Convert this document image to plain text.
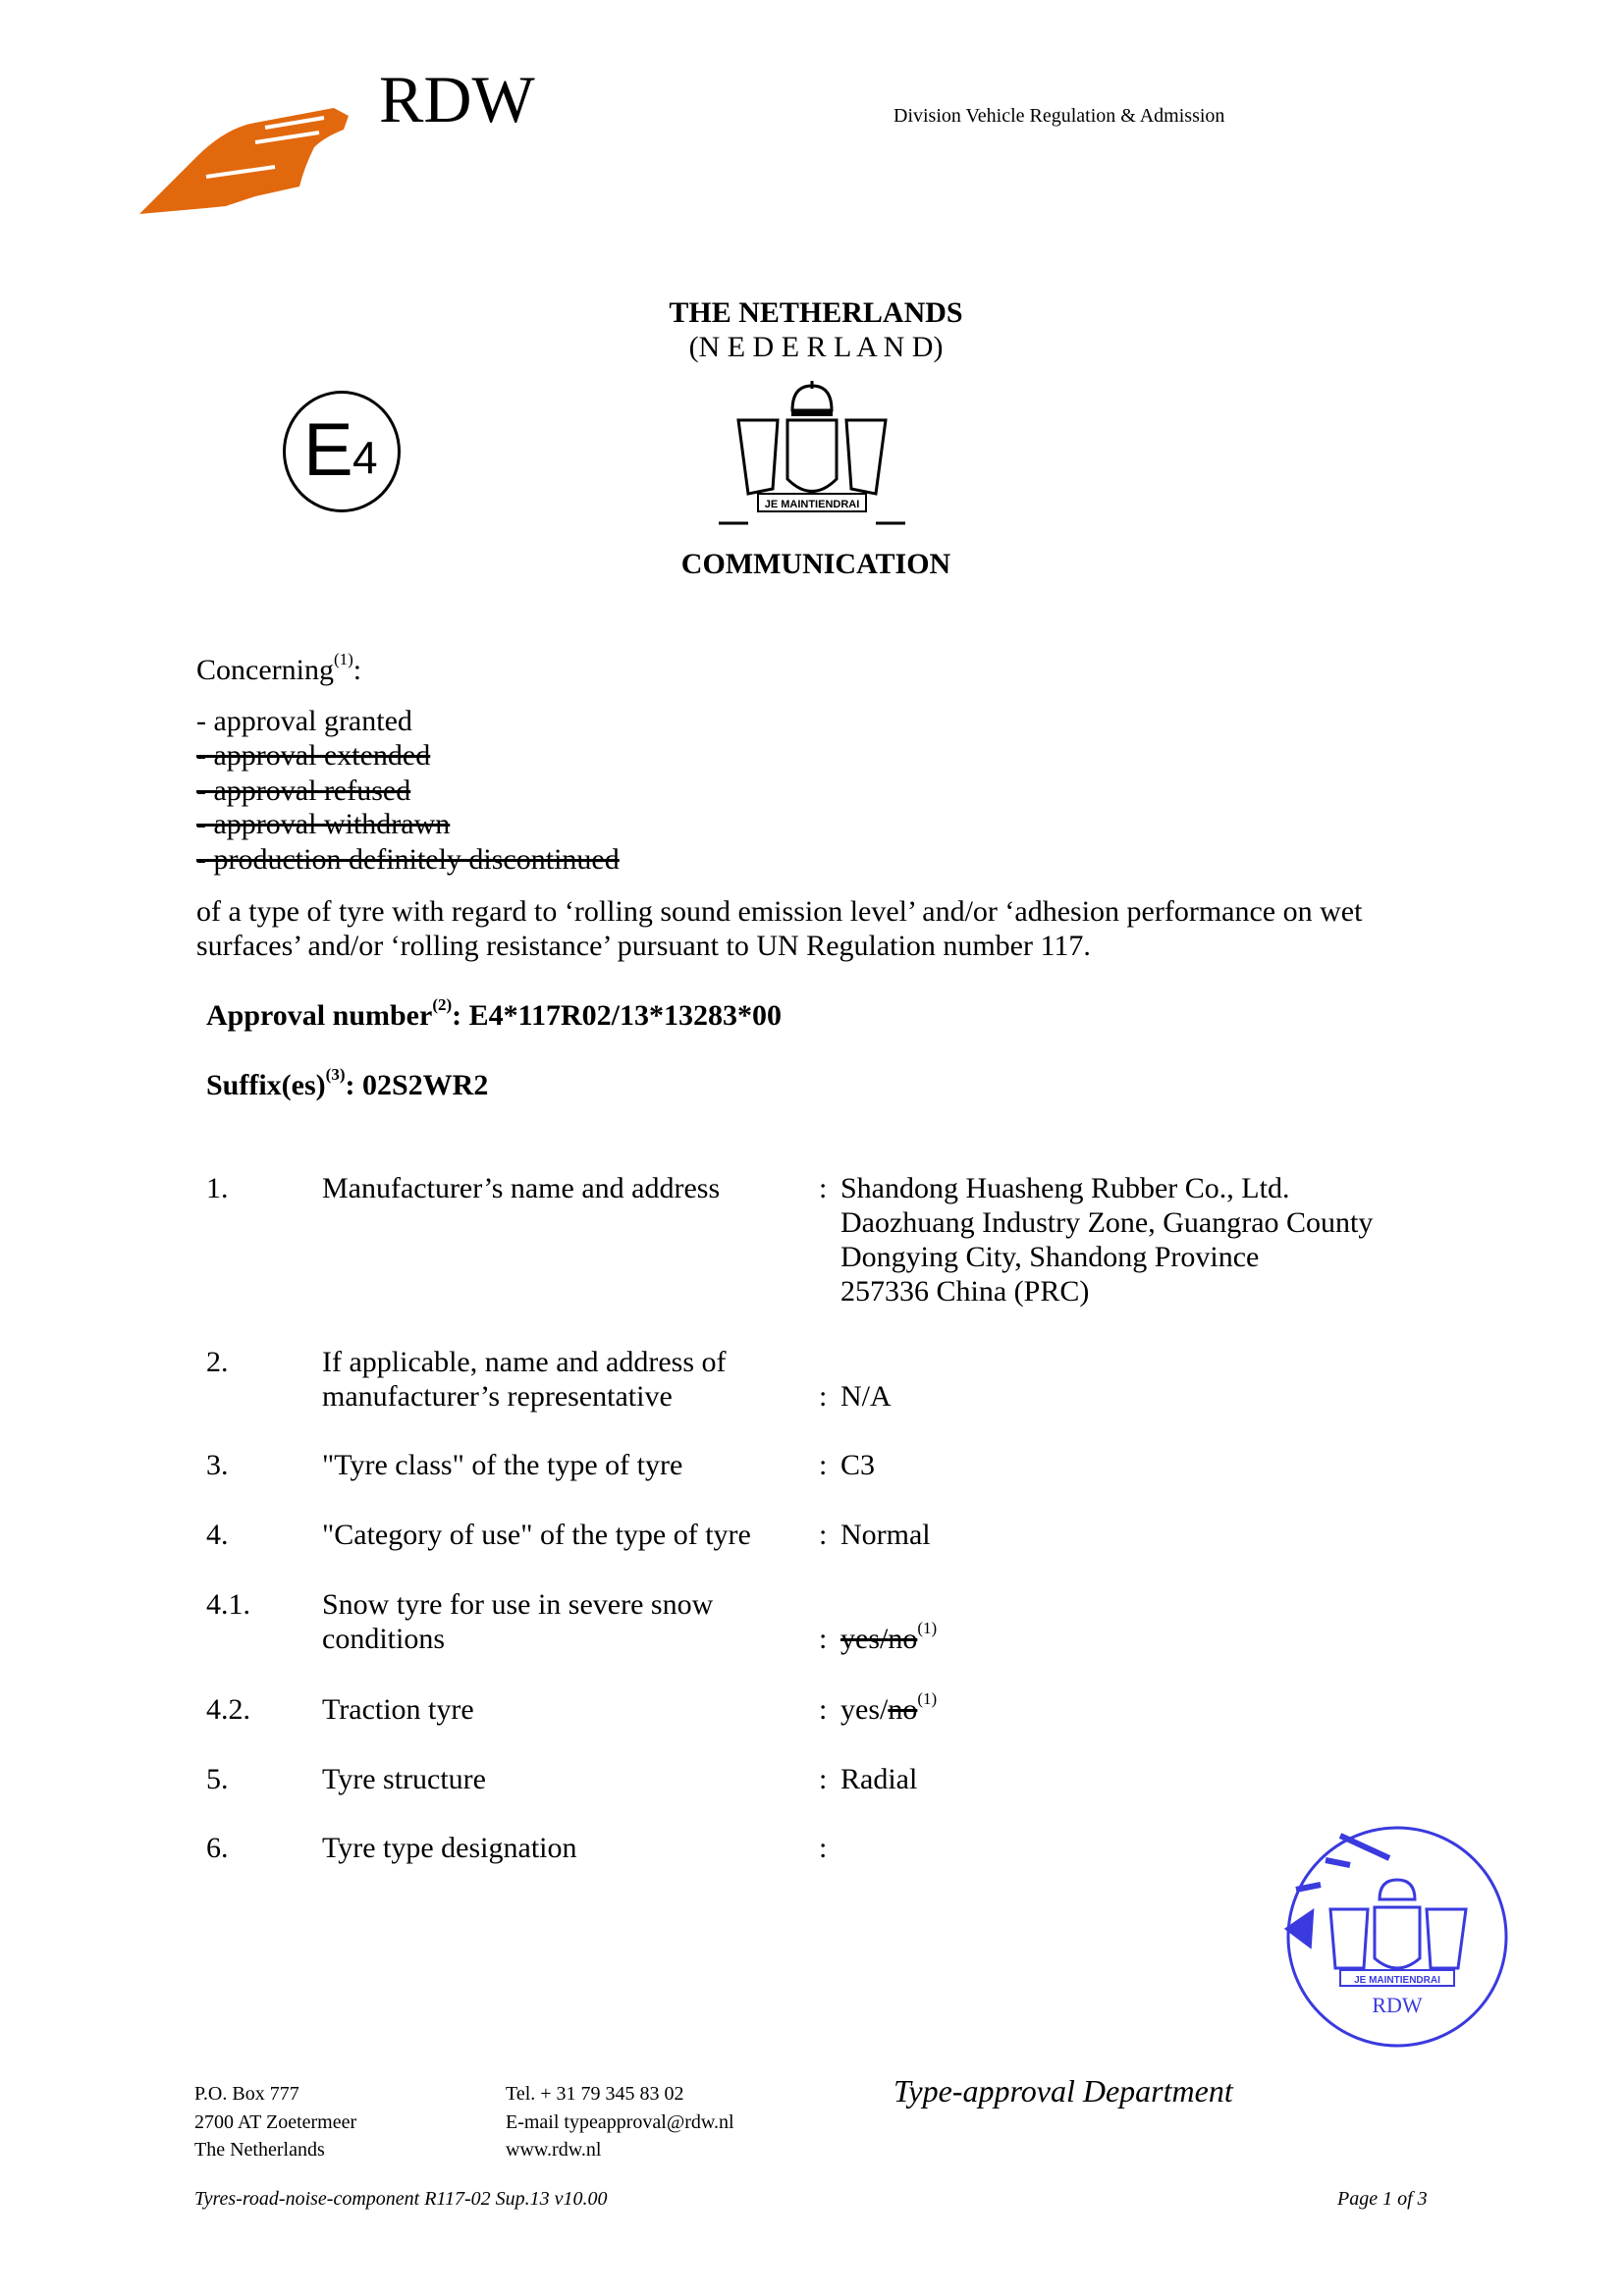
RDW	Division Vehicle Regulation & Admission
THE NETHERLANDS
(N E D E R L A N D)
E 4
JE MAINTIENDRAI
COMMUNICATION
Concerning$^{(1)}$:
- approval granted
- approval extended
- approval refused
- approval withdrawn
- production definitely discontinued
of a type of tyre with regard to ‘rolling sound emission level’ and/or ‘adhesion performance on wet
surfaces’ and/or ‘rolling resistance’ pursuant to UN Regulation number 117.
Approval number$^{(2)}$: E4*117R02/13*13283*00
Suffix(es)$^{(3)}$: 02S2WR2
1.	Manufacturer’s name and address	: Shandong Huasheng Rubber Co., Ltd.
Daozhuang Industry Zone, Guangrao County
Dongying City, Shandong Province
257336 China (PRC)
2.	If applicable, name and address of
manufacturer’s representative	: N/A
3.	"Tyre class" of the type of tyre	: C3
4.	"Category of use" of the type of tyre : Normal
4.1. Snow tyre for use in severe snow
conditions	: yes/$no^{(1)}$
4.2. Traction tyre	: yes/$no^{(1)}$
5.	Tyre structure	: Radial
6.	Tyre type designation	:
JE MAINTIENDRAI
RDW
P.O. Box 777
2700 AT Zoetermeer
The Netherlands
Tel. + 31 79 345 83 02
E-mail typeapproval@rdw.nl
www.rdw.nl
Type-approval Department
Tyres-road-noise-component R117-02 Sup.13 v10.00	Page 1 of 3
